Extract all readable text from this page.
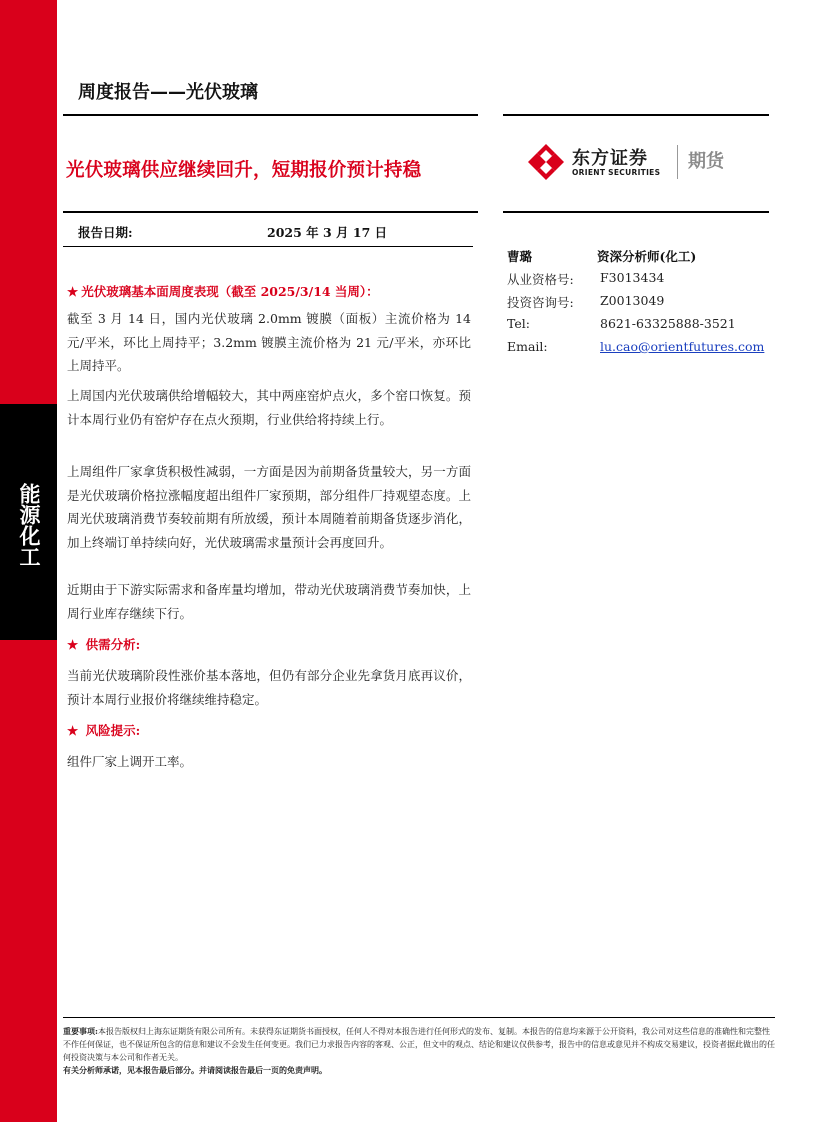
能源化工
周度报告——光伏玻璃
光伏玻璃供应继续回升，短期报价预计持稳
东方证券
ORIENT SECURITIES
期货
报告日期:	2025 年 3 月 17 日
曹璐	资深分析师(化工)
从业资格号: F3013434
投资咨询号: Z0013049
Tel:	8621-63325888-3521
Email:	lu.cao@orientfutures.com
★ 光伏玻璃基本面周度表现（截至 2025/3/14 当周）：
截至 3 月 14 日，国内光伏玻璃 2.0mm 镀膜（面板）主流价格为 14 元/平米，环比上周持平；3.2mm 镀膜主流价格为 21 元/平米，亦环比上周持平。
上周国内光伏玻璃供给增幅较大，其中两座窑炉点火，多个窑口恢复。预计本周行业仍有窑炉存在点火预期，行业供给将持续上行。
上周组件厂家拿货积极性减弱，一方面是因为前期备货量较大，另一方面是光伏玻璃价格拉涨幅度超出组件厂家预期，部分组件厂持观望态度。上周光伏玻璃消费节奏较前期有所放缓，预计本周随着前期备货逐步消化，加上终端订单持续向好，光伏玻璃需求量预计会再度回升。
近期由于下游实际需求和备库量均增加，带动光伏玻璃消费节奏加快，上周行业库存继续下行。
★ 供需分析:
当前光伏玻璃阶段性涨价基本落地，但仍有部分企业先拿货月底再议价，预计本周行业报价将继续维持稳定。
★ 风险提示:
组件厂家上调开工率。
重要事项:本报告版权归上海东证期货有限公司所有。未获得东证期货书面授权，任何人不得对本报告进行任何形式的发布、复制。本报告的信息均来源于公开资料，我公司对这些信息的准确性和完整性不作任何保证，也不保证所包含的信息和建议不会发生任何变更。我们已力求报告内容的客观、公正，但文中的观点、结论和建议仅供参考，报告中的信息或意见并不构成交易建议，投资者据此做出的任何投资决策与本公司和作者无关。
有关分析师承诺，见本报告最后部分。并请阅读报告最后一页的免责声明。
